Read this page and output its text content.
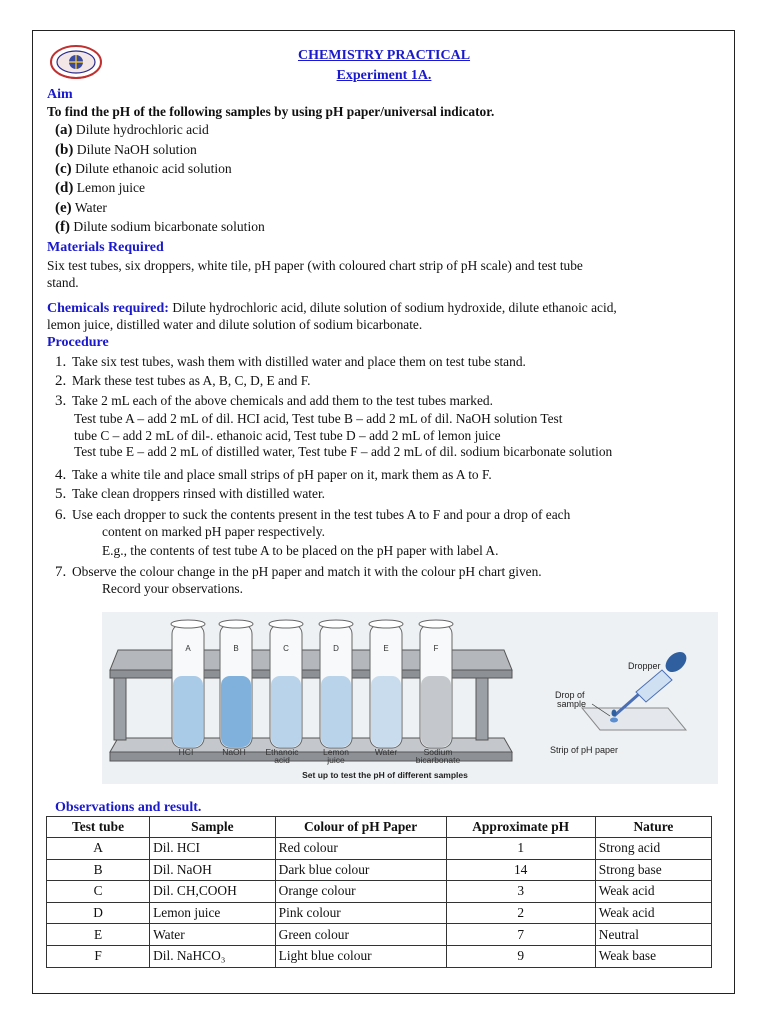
CHEMISTRY PRACTICAL
Experiment 1A.
Aim
To find the pH of the following samples by using pH paper/universal indicator.
(a) Dilute hydrochloric acid
(b) Dilute NaOH solution
(c) Dilute ethanoic acid solution
(d) Lemon juice
(e) Water
(f) Dilute sodium bicarbonate solution
Materials Required
Six test tubes, six droppers, white tile, pH paper (with coloured chart strip of pH scale) and test tube
stand.
Chemicals required: Dilute hydrochloric acid, dilute solution of sodium hydroxide, dilute ethanoic acid,
lemon juice, distilled water and dilute solution of sodium bicarbonate.
Procedure
1. Take six test tubes, wash them with distilled water and place them on test tube stand.
2. Mark these test tubes as A, B, C, D, E and F.
3. Take 2 mL each of the above chemicals and add them to the test tubes marked.
Test tube A – add 2 mL of dil. HCI acid, Test tube B – add 2 mL of dil. NaOH solution Test
tube C – add 2 mL of dil-. ethanoic acid, Test tube D – add 2 mL of lemon juice
Test tube E – add 2 mL of distilled water, Test tube F – add 2 mL of dil. sodium bicarbonate solution
4. Take a white tile and place small strips of pH paper on it, mark them as A to F.
5. Take clean droppers rinsed with distilled water.
6. Use each dropper to suck the contents present in the test tubes A to F and pour a drop of each
content on marked pH paper respectively.
E.g., the contents of test tube A to be placed on the pH paper with label A.
7. Observe the colour change in the pH paper and match it with the colour pH chart given.
Record your observations.
A	B	C	D	E	F
HCI	NaOH Ethanoic
acid
Lemon
juice
Water	Sodium
bicarbonate
Dropper
Drop of
sample
Strip of pH paper
Set up to test the pH of different samples
Observations and result.
Test tube	Sample	Colour of pH Paper	Approximate pH	Nature
A	Dil. HCI	Red colour	1	Strong acid
B	Dil. NaOH	Dark blue colour	14	Strong base
C	Dil. CH,COOH	Orange colour	3	Weak acid
D	Lemon juice	Pink colour	2	Weak acid
E	Water	Green colour	7	Neutral
F	Dil. NaHCO₃	Light blue colour	9	Weak base
